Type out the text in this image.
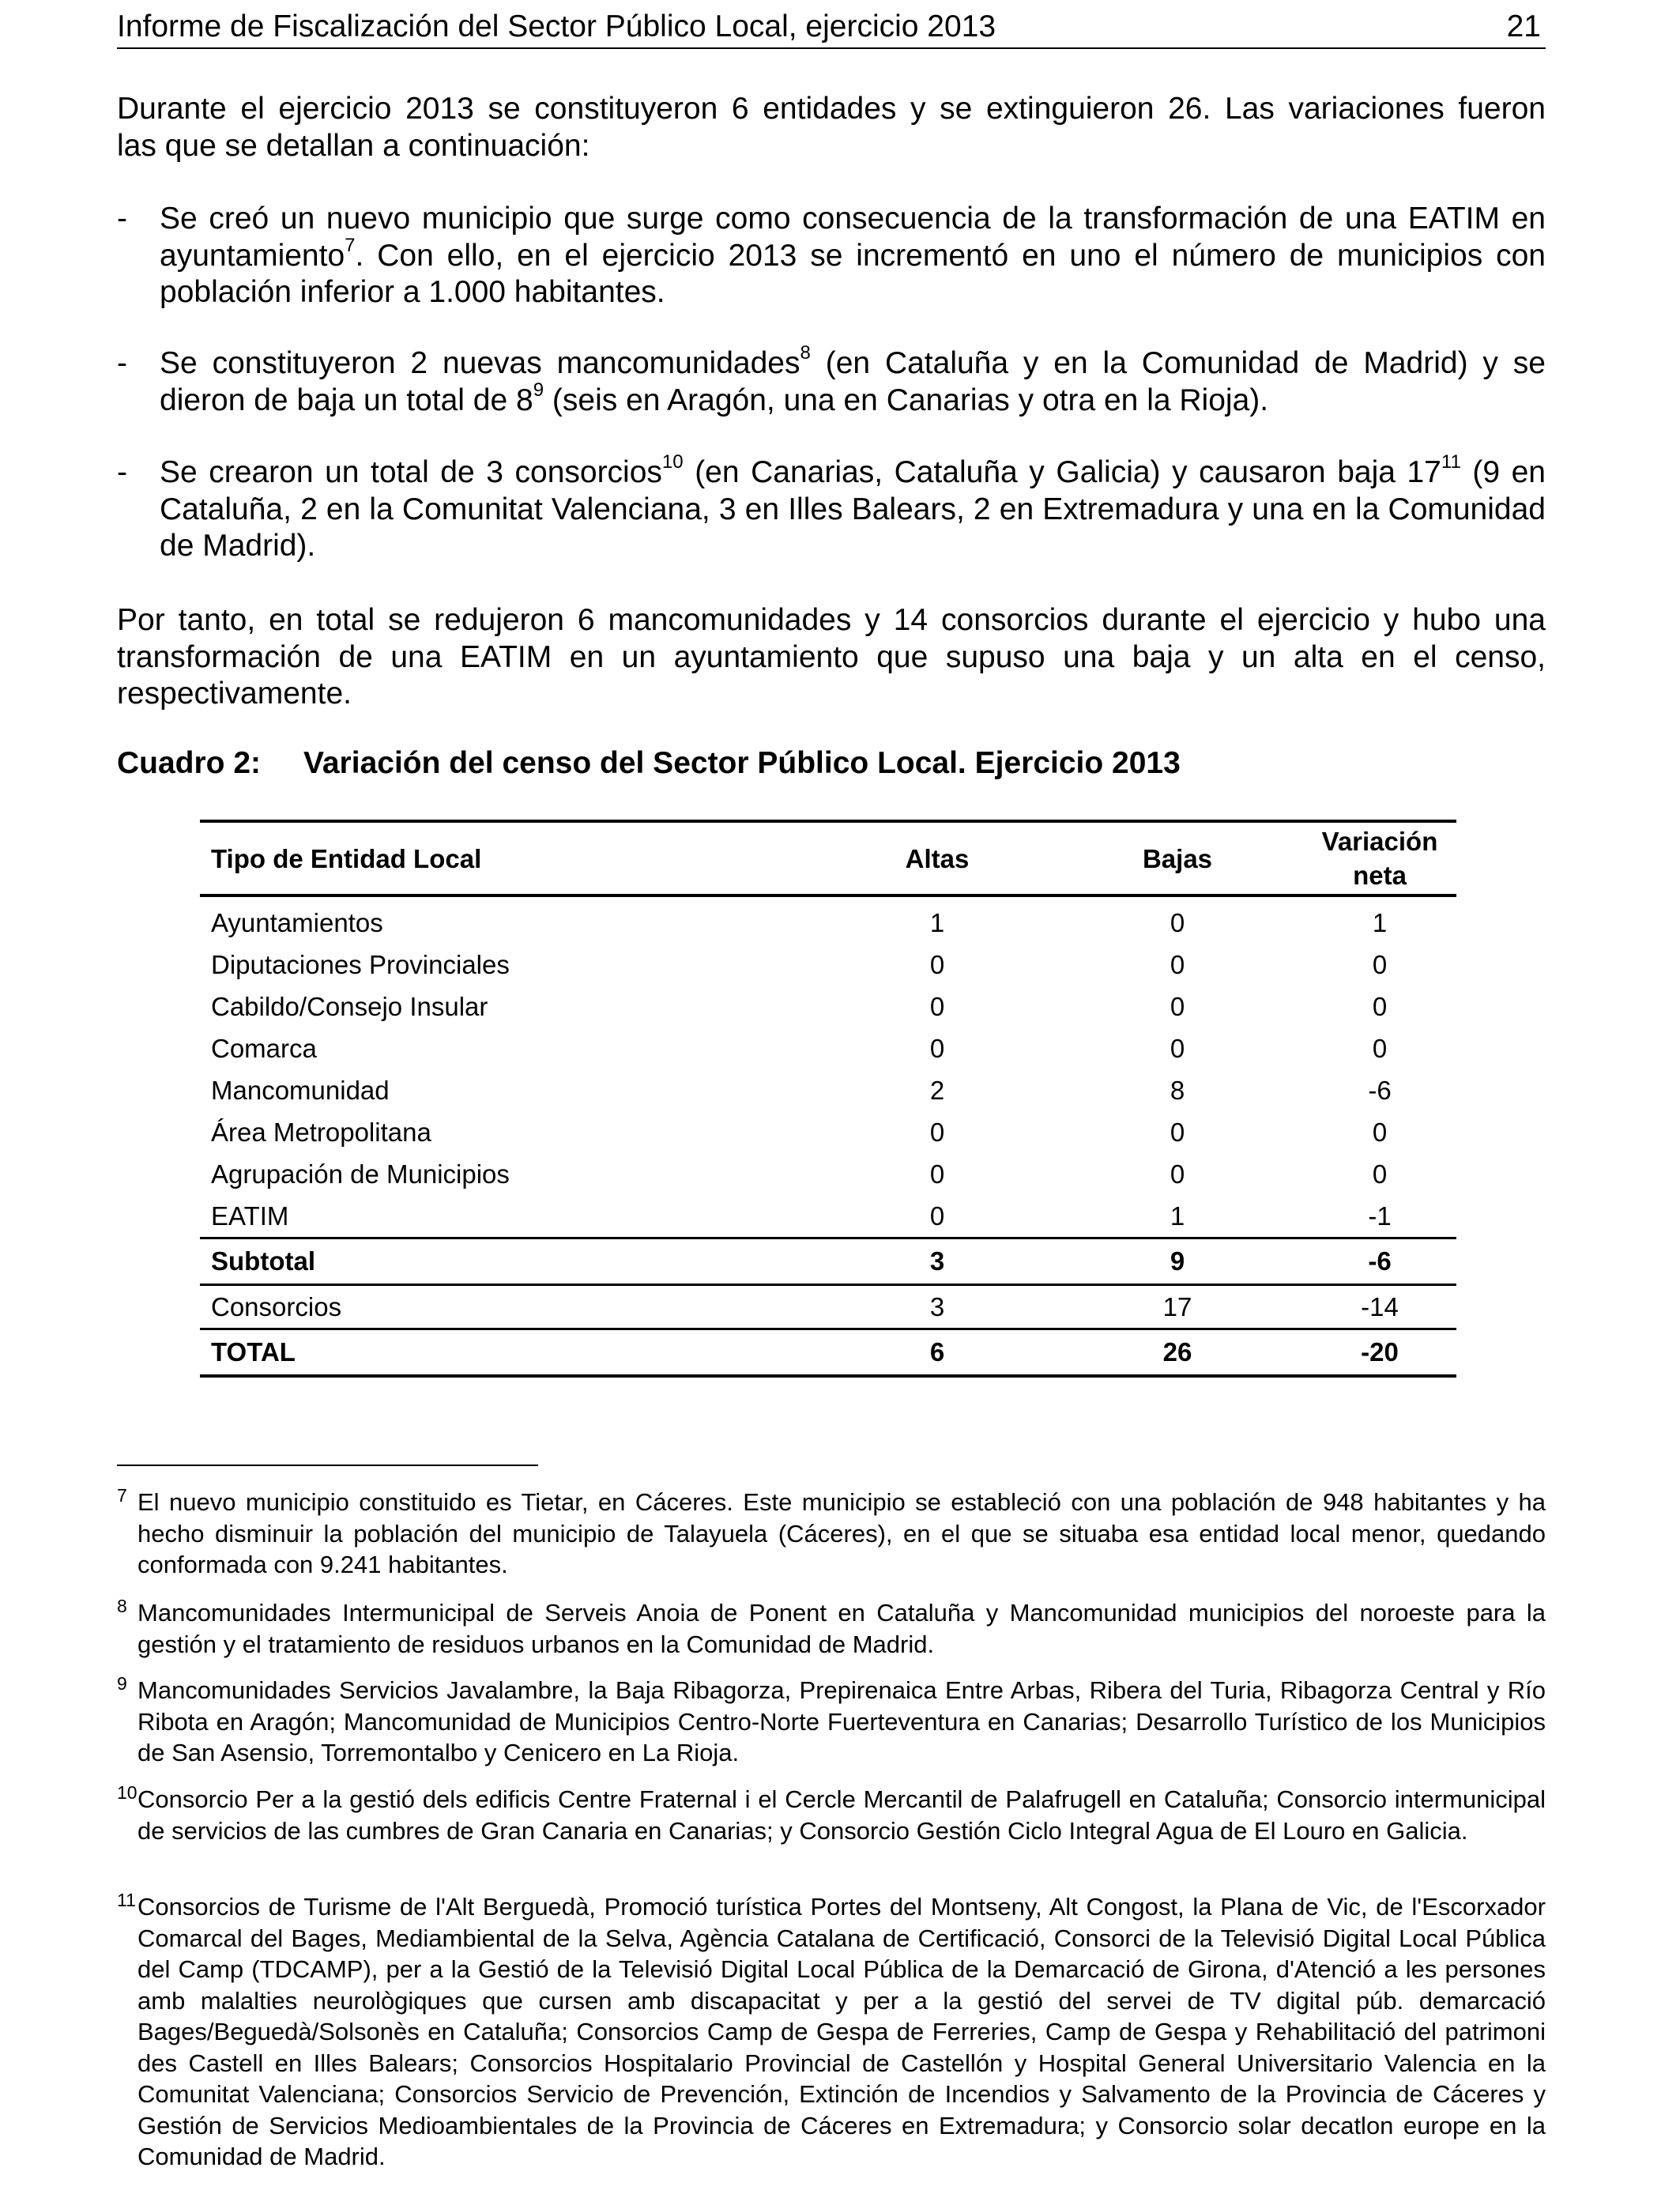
Informe de Fiscalización del Sector Público Local, ejercicio 2013	21

Durante el ejercicio 2013 se constituyeron 6 entidades y se extinguieron 26. Las variaciones fueron

las que se detallan a continuación:

-	Se creó un nuevo municipio que surge como consecuencia de la transformación de una EATIM en ayuntamiento$^7$. Con ello, en el ejercicio 2013 se incrementó en uno el número de municipios con población inferior a 1.000 habitantes.
-	Se constituyeron 2 nuevas mancomunidades$^8$ (en Cataluña y en la Comunidad de Madrid) y se dieron de baja un total de $8^9$ (seis en Aragón, una en Canarias y otra en la Rioja).
-	Se crearon un total de 3 consorcios$^{10}$ (en Canarias, Cataluña y Galicia) y causaron baja $17^{11}$ (9 en Cataluña, 2 en la Comunitat Valenciana, 3 en Illes Balears, 2 en Extremadura y una en la Comunidad de Madrid).

Por tanto, en total se redujeron 6 mancomunidades y 14 consorcios durante el ejercicio y hubo una transformación de una EATIM en un ayuntamiento que supuso una baja y un alta en el censo, respectivamente.

Cuadro 2: Variación del censo del Sector Público Local. Ejercicio 2013
Tipo de Entidad Local	Altas	Bajas	Variación
neta

Ayuntamientos	1	0	1
Diputaciones Provinciales	0	0	0
Cabildo/Consejo Insular	0	0	0
Comarca	0	0	0
Mancomunidad	2	8	-6
Área Metropolitana	0	0	0
Agrupación de Municipios	0	0	0
EATIM	0	1	-1
Subtotal	3	9	-6
Consorcios	3	17	-14
TOTAL	6	26	-20
7 El nuevo municipio constituido es Tietar, en Cáceres. Este municipio se estableció con una población de 948 habitantes y ha hecho disminuir la población del municipio de Talayuela (Cáceres), en el que se situaba esa entidad local menor, quedando conformada con 9.241 habitantes.
8 Mancomunidades Intermunicipal de Serveis Anoia de Ponent en Cataluña y Mancomunidad municipios del noroeste para la gestión y el tratamiento de residuos urbanos en la Comunidad de Madrid.
9 Mancomunidades Servicios Javalambre, la Baja Ribagorza, Prepirenaica Entre Arbas, Ribera del Turia, Ribagorza Central y Río Ribota en Aragón; Mancomunidad de Municipios Centro-Norte Fuerteventura en Canarias; Desarrollo Turístico de los Municipios de San Asensio, Torremontalbo y Cenicero en La Rioja.
10 Consorcio Per a la gestió dels edificis Centre Fraternal i el Cercle Mercantil de Palafrugell en Cataluña; Consorcio intermunicipal de servicios de las cumbres de Gran Canaria en Canarias; y Consorcio Gestión Ciclo Integral Agua de El Louro en Galicia.
11 Consorcios de Turisme de l'Alt Berguedà, Promoció turística Portes del Montseny, Alt Congost, la Plana de Vic, de l'Escorxador Comarcal del Bages, Mediambiental de la Selva, Agència Catalana de Certificació, Consorci de la Televisió Digital Local Pública del Camp (TDCAMP), per a la Gestió de la Televisió Digital Local Pública de la Demarcació de Girona, d'Atenció a les persones amb malalties neurològiques que cursen amb discapacitat y per a la gestió del servei de TV digital púb. demarcació Bages/Beguedà/Solsonès en Cataluña; Consorcios Camp de Gespa de Ferreries, Camp de Gespa y Rehabilitació del patrimoni des Castell en Illes Balears; Consorcios Hospitalario Provincial de Castellón y Hospital General Universitario Valencia en la Comunitat Valenciana; Consorcios Servicio de Prevención, Extinción de Incendios y Salvamento de la Provincia de Cáceres y Gestión de Servicios Medioambientales de la Provincia de Cáceres en Extremadura; y Consorcio solar decatlon europe en la Comunidad de Madrid.
